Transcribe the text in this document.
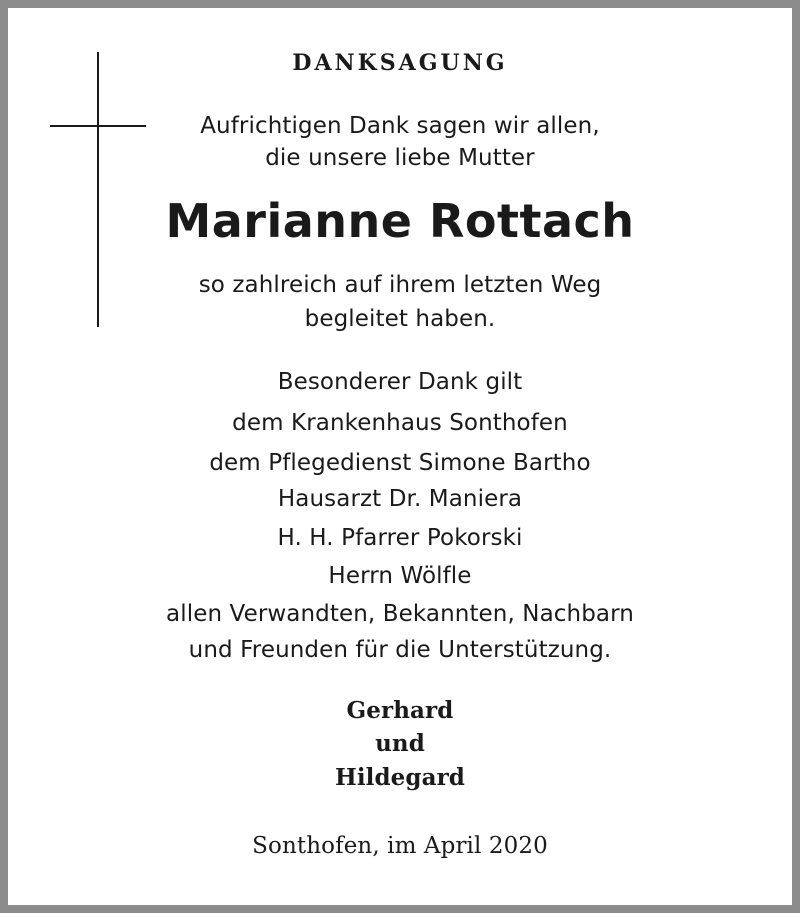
DANKSAGUNG
Aufrichtigen Dank sagen wir allen,
die unsere liebe Mutter
Marianne Rottach
so zahlreich auf ihrem letzten Weg
begleitet haben.
Besonderer Dank gilt
dem Krankenhaus Sonthofen
dem Pflegedienst Simone Bartho
Hausarzt Dr. Maniera
H. H. Pfarrer Pokorski
Herrn Wölfle
allen Verwandten, Bekannten, Nachbarn
und Freunden für die Unterstützung.
Gerhard
und
Hildegard
Sonthofen, im April 2020
